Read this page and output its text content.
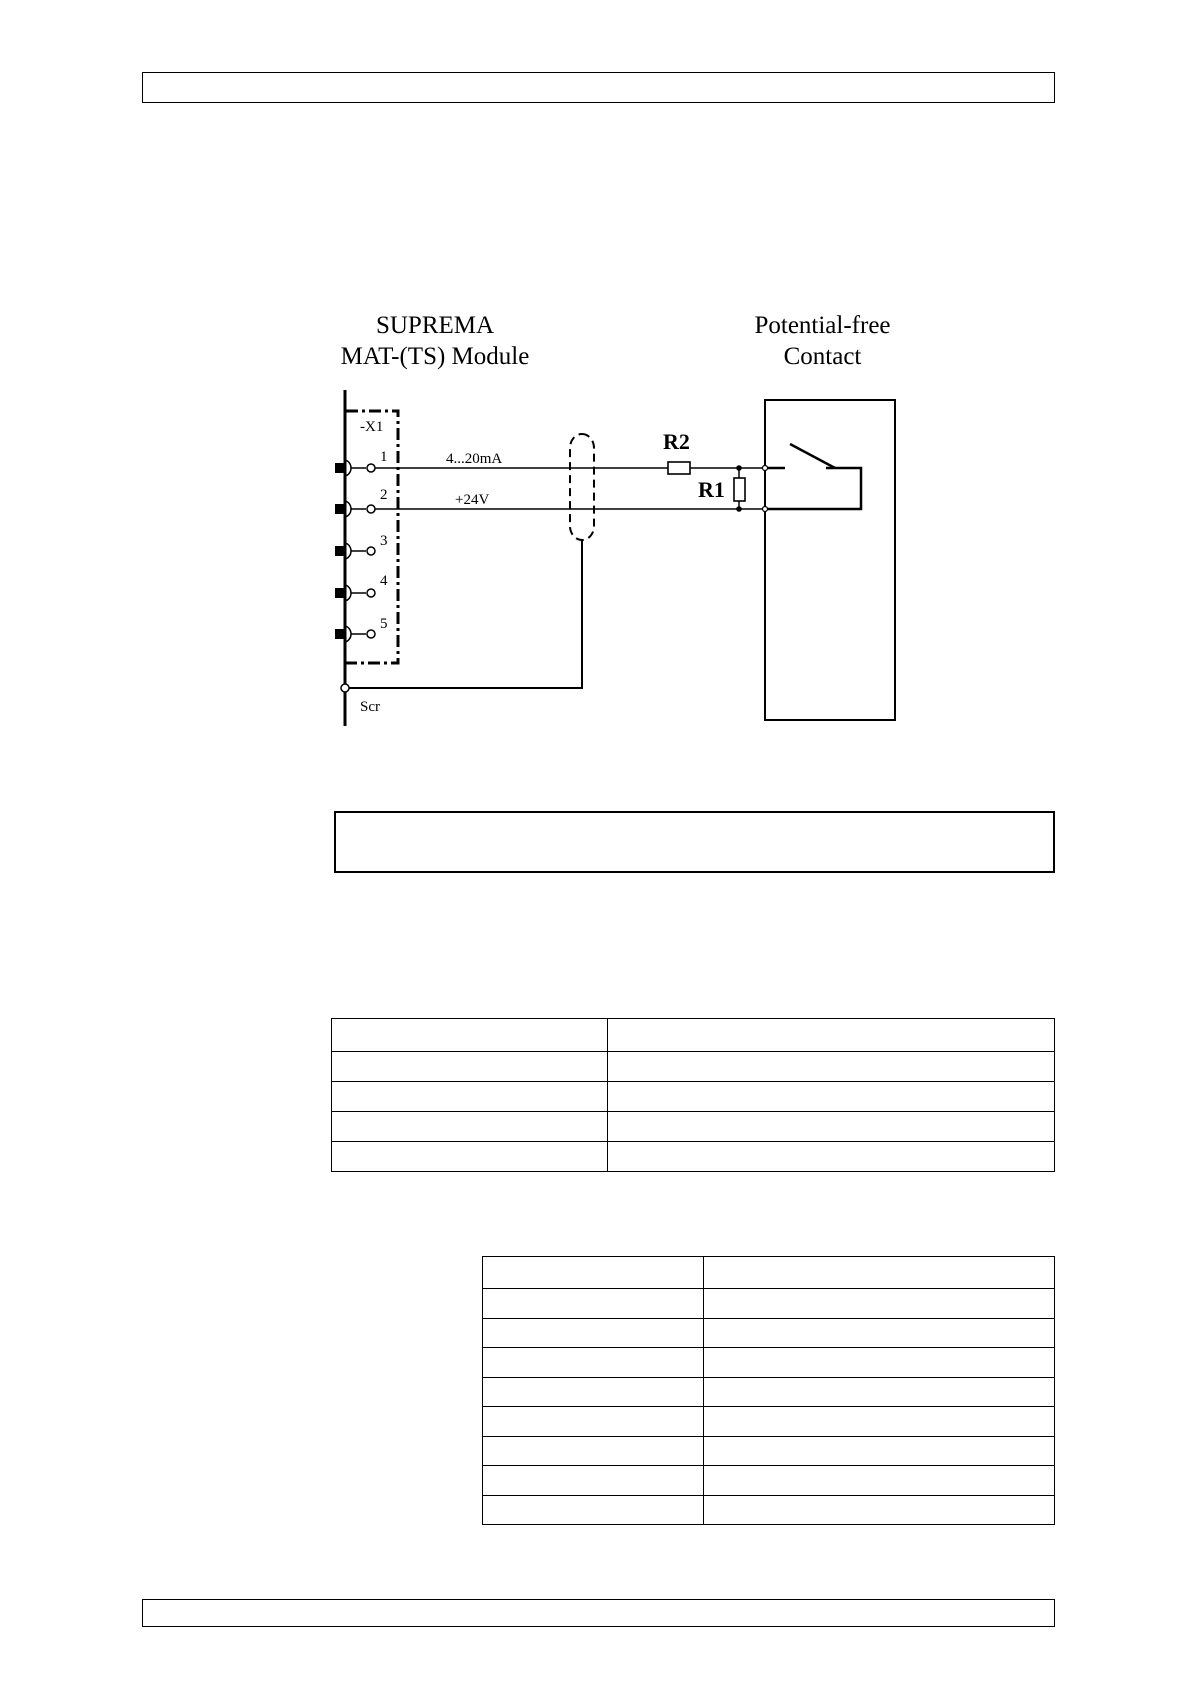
SUPREMA
MAT-(TS) Module
Potential-free
Contact
-X1
1
2
3
4
5
4...20mA
+24V
Scr
R2
R1
